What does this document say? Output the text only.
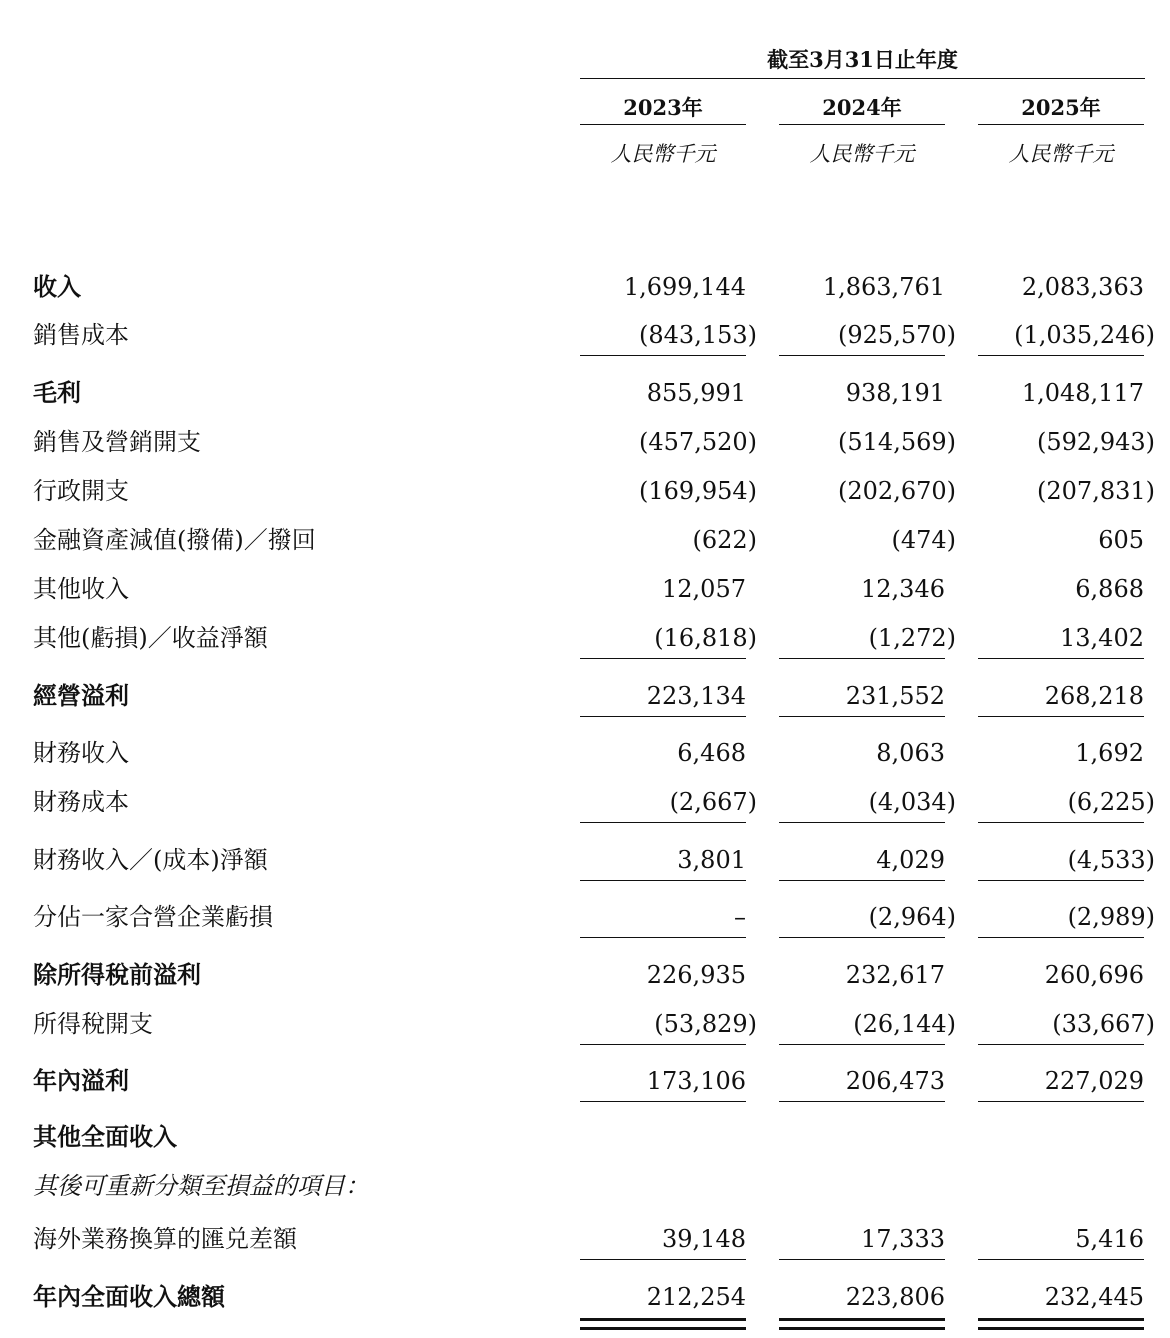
截至3月31日止年度
2023年	2024年	2025年
人民幣千元	人民幣千元	人民幣千元
收入 . . .	1,699,144	1,863,761	2,083,363
銷售成本 . . .	(843,153)	(925,570)	(1,035,246)
毛利 . . .	855,991	938,191	1,048,117
銷售及營銷開支 . . .	(457,520)	(514,569)	(592,943)
行政開支 . . .	(169,954)	(202,670)	(207,831)
金融資產減值(撥備)／撥回 . . .	(622)	(474)	605
其他收入 . . .	12,057	12,346	6,868
其他(虧損)／收益淨額 . . .	(16,818)	(1,272)	13,402
經營溢利 . . .	223,134	231,552	268,218
財務收入 . . .	6,468	8,063	1,692
財務成本 . . .	(2,667)	(4,034)	(6,225)
財務收入／(成本)淨額 . . .	3,801	4,029	(4,533)
分佔一家合營企業虧損 . . .	–	(2,964)	(2,989)
除所得稅前溢利 . . .	226,935	232,617	260,696
所得稅開支 . . .	(53,829)	(26,144)	(33,667)
年內溢利 . . .	173,106	206,473	227,029
其他全面收入
其後可重新分類至損益的項目：
海外業務換算的匯兑差額 . . .	39,148	17,333	5,416
年內全面收入總額 . . .	212,254	223,806	232,445
